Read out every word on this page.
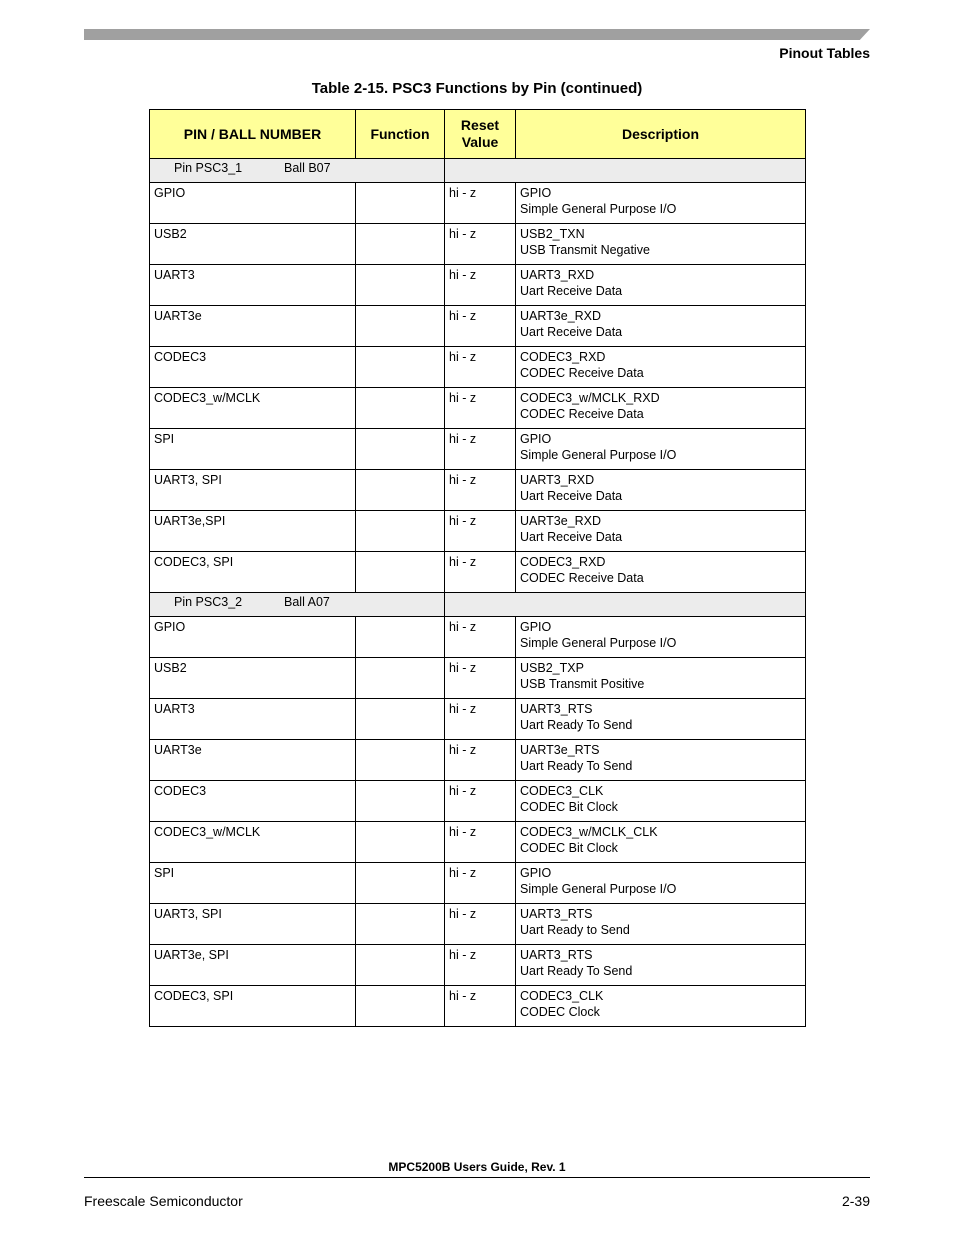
Pinout Tables
Table 2-15. PSC3 Functions by Pin (continued)
PIN / BALL NUMBER	Function	Reset
Value	Description
Pin PSC3_1 Ball B07			
GPIO		hi - z	GPIO
Simple General Purpose I/O

USB2		hi - z	USB2_TXN
USB Transmit Negative

UART3		hi - z	UART3_RXD
Uart Receive Data

UART3e		hi - z	UART3e_RXD
Uart Receive Data

CODEC3		hi - z	CODEC3_RXD
CODEC Receive Data

CODEC3_w/MCLK		hi - z	CODEC3_w/MCLK_RXD
CODEC Receive Data

SPI		hi - z	GPIO
Simple General Purpose I/O

UART3, SPI		hi - z	UART3_RXD
Uart Receive Data

UART3e,SPI		hi - z	UART3e_RXD
Uart Receive Data

CODEC3, SPI		hi - z	CODEC3_RXD
CODEC Receive Data

Pin PSC3_2 Ball A07			
GPIO		hi - z	GPIO
Simple General Purpose I/O

USB2		hi - z	USB2_TXP
USB Transmit Positive

UART3		hi - z	UART3_RTS
Uart Ready To Send

UART3e		hi - z	UART3e_RTS
Uart Ready To Send

CODEC3		hi - z	CODEC3_CLK
CODEC Bit Clock

CODEC3_w/MCLK		hi - z	CODEC3_w/MCLK_CLK
CODEC Bit Clock

SPI		hi - z	GPIO
Simple General Purpose I/O

UART3, SPI		hi - z	UART3_RTS
Uart Ready to Send

UART3e, SPI		hi - z	UART3_RTS
Uart Ready To Send

CODEC3, SPI		hi - z	CODEC3_CLK
CODEC Clock
MPC5200B Users Guide, Rev. 1
Freescale Semiconductor	2-39
